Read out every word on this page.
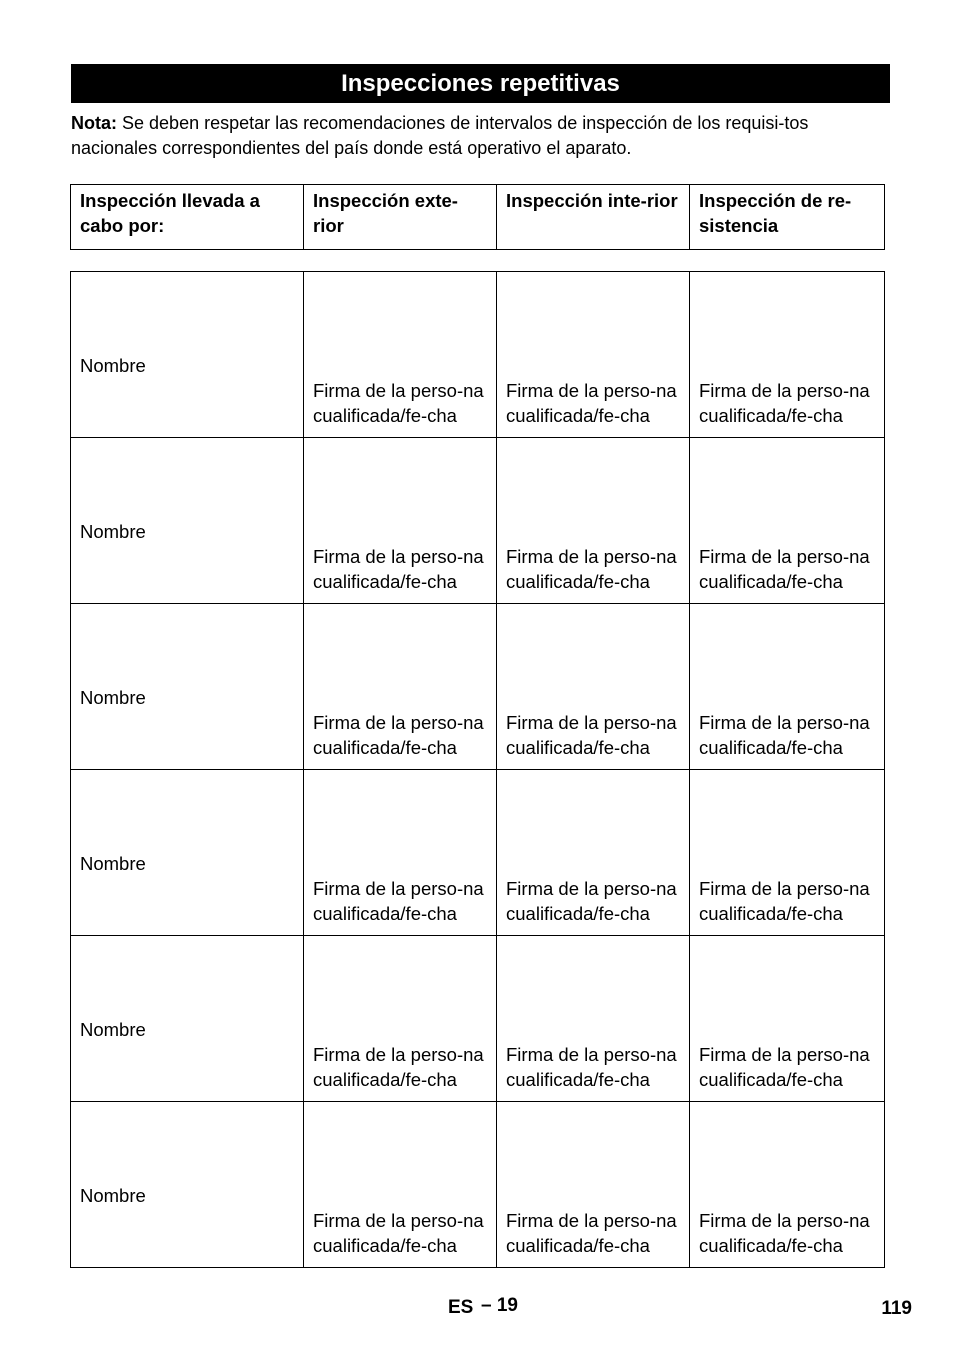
Inspecciones repetitivas

Nota: Se deben respetar las recomendaciones de intervalos de inspección de los requisi-tos nacionales correspondientes del país donde está operativo el aparato.

Inspección llevada a cabo por:	Inspección exte-rior	Inspección inte-rior	Inspección de re-sistencia
Nombre	Firma de la perso-na cualificada/fe-cha	Firma de la perso-na cualificada/fe-cha	Firma de la perso-na cualificada/fe-cha
Nombre	Firma de la perso-na cualificada/fe-cha	Firma de la perso-na cualificada/fe-cha	Firma de la perso-na cualificada/fe-cha
Nombre	Firma de la perso-na cualificada/fe-cha	Firma de la perso-na cualificada/fe-cha	Firma de la perso-na cualificada/fe-cha
Nombre	Firma de la perso-na cualificada/fe-cha	Firma de la perso-na cualificada/fe-cha	Firma de la perso-na cualificada/fe-cha
Nombre	Firma de la perso-na cualificada/fe-cha	Firma de la perso-na cualificada/fe-cha	Firma de la perso-na cualificada/fe-cha
Nombre	Firma de la perso-na cualificada/fe-cha	Firma de la perso-na cualificada/fe-cha	Firma de la perso-na cualificada/fe-cha
ES – 19	119
